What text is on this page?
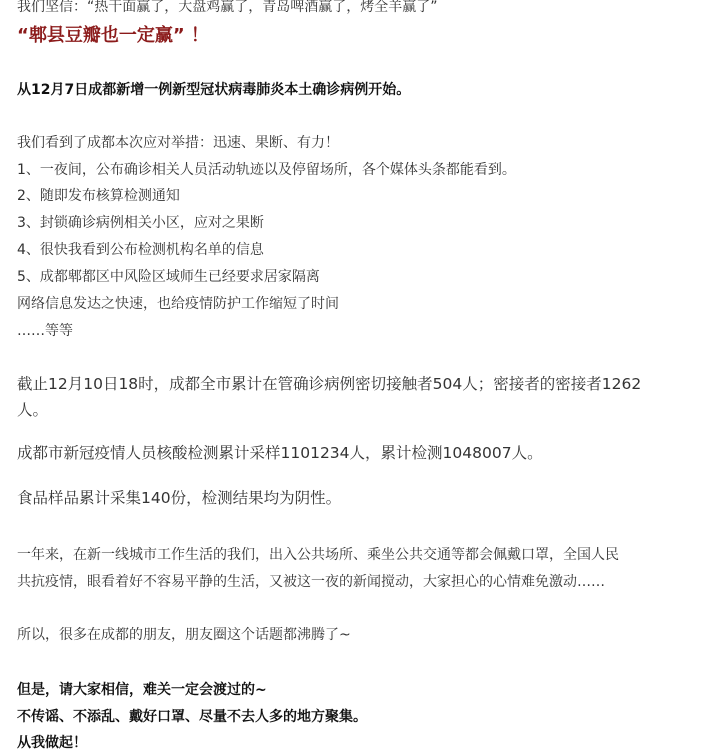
我们坚信：“热干面赢了，大盘鸡赢了，青岛啤酒赢了，烤全羊赢了”
“郫县豆瓣也一定赢” ！
从12月7日成都新增一例新型冠状病毒肺炎本土确诊病例开始。
我们看到了成都本次应对举措：迅速、果断、有力！
1、一夜间，公布确诊相关人员活动轨迹以及停留场所，各个媒体头条都能看到。
2、随即发布核算检测通知
3、封锁确诊病例相关小区，应对之果断
4、很快我看到公布检测机构名单的信息
5、成都郫都区中风险区域师生已经要求居家隔离
网络信息发达之快速，也给疫情防护工作缩短了时间
……等等
截止12月10日18时，成都全市累计在管确诊病例密切接触者504人；密接者的密接者1262
人。
成都市新冠疫情人员核酸检测累计采样1101234人，累计检测1048007人。
食品样品累计采集140份，检测结果均为阴性。
一年来，在新一线城市工作生活的我们，出入公共场所、乘坐公共交通等都会佩戴口罩，全国人民
共抗疫情，眼看着好不容易平静的生活，又被这一夜的新闻搅动，大家担心的心情难免激动……
所以，很多在成都的朋友，朋友圈这个话题都沸腾了~
但是，请大家相信，难关一定会渡过的~
不传谣、不添乱、戴好口罩、尽量不去人多的地方聚集。
从我做起！
